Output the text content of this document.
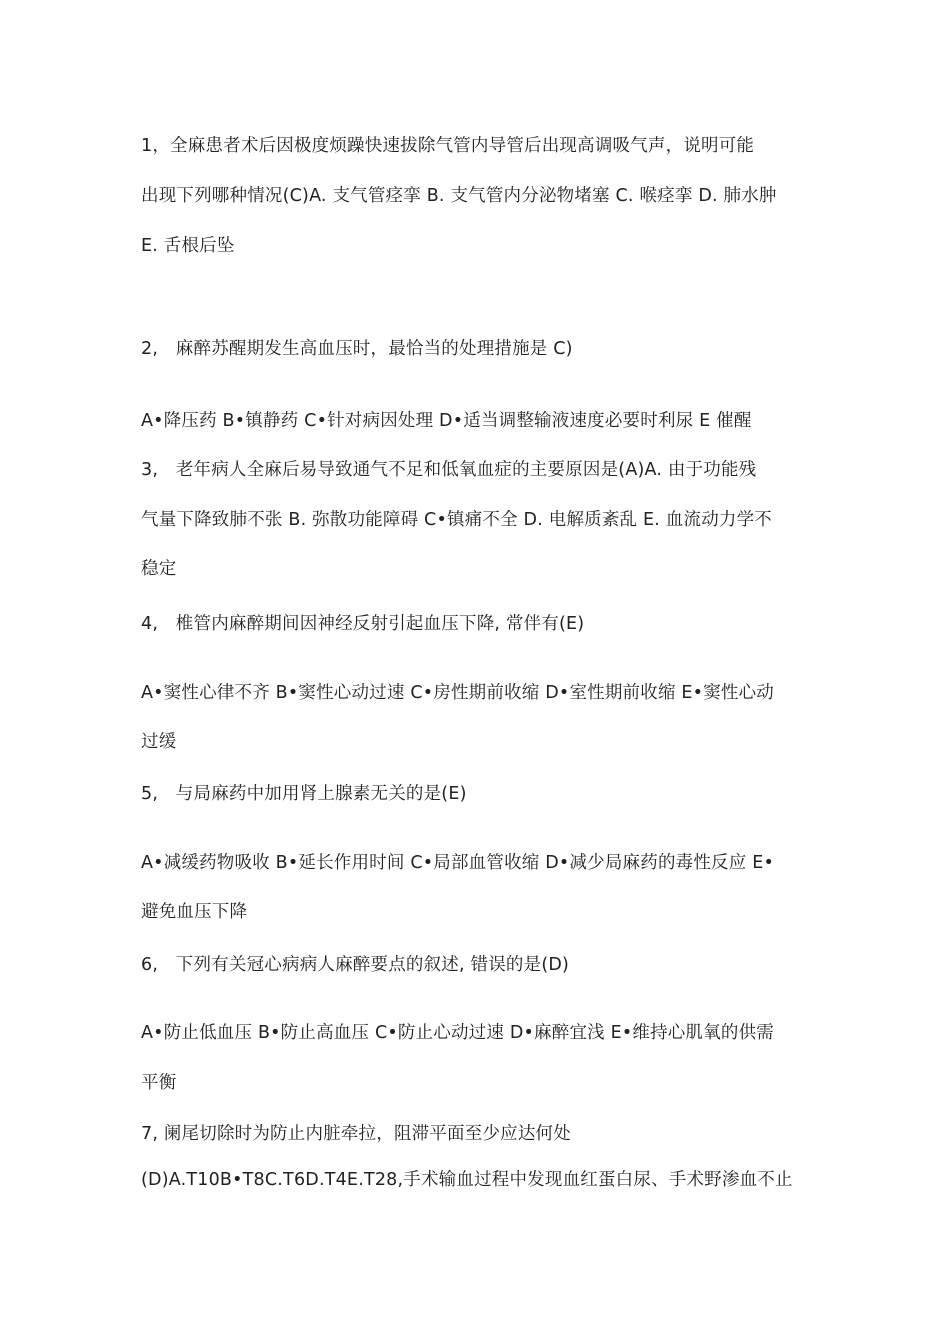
1，全麻患者术后因极度烦躁快速拔除气管内导管后出现高调吸气声，说明可能
出现下列哪种情况(C)A. 支气管痉挛 B. 支气管内分泌物堵塞 C. 喉痉挛 D. 肺水肿
E. 舌根后坠
2,　麻醉苏醒期发生高血压时，最恰当的处理措施是 C)
A•降压药 B•镇静药 C•针对病因处理 D•适当调整输液速度必要时利尿 E 催醒
3,　老年病人全麻后易导致通气不足和低氧血症的主要原因是(A)A. 由于功能残
气量下降致肺不张 B. 弥散功能障碍 C•镇痛不全 D. 电解质紊乱 E. 血流动力学不
稳定
4,　椎管内麻醉期间因神经反射引起血压下降, 常伴有(E)
A•窦性心律不齐 B•窦性心动过速 C•房性期前收缩 D•室性期前收缩 E•窦性心动
过缓
5,　与局麻药中加用肾上腺素无关的是(E)
A•减缓药物吸收 B•延长作用时间 C•局部血管收缩 D•减少局麻药的毒性反应 E•
避免血压下降
6,　下列有关冠心病病人麻醉要点的叙述, 错误的是(D)
A•防止低血压 B•防止高血压 C•防止心动过速 D•麻醉宜浅 E•维持心肌氧的供需
平衡
7, 阑尾切除时为防止内脏牵拉，阻滞平面至少应达何处
(D)A.T10B•T8C.T6D.T4E.T28,手术输血过程中发现血红蛋白尿、手术野渗血不止
